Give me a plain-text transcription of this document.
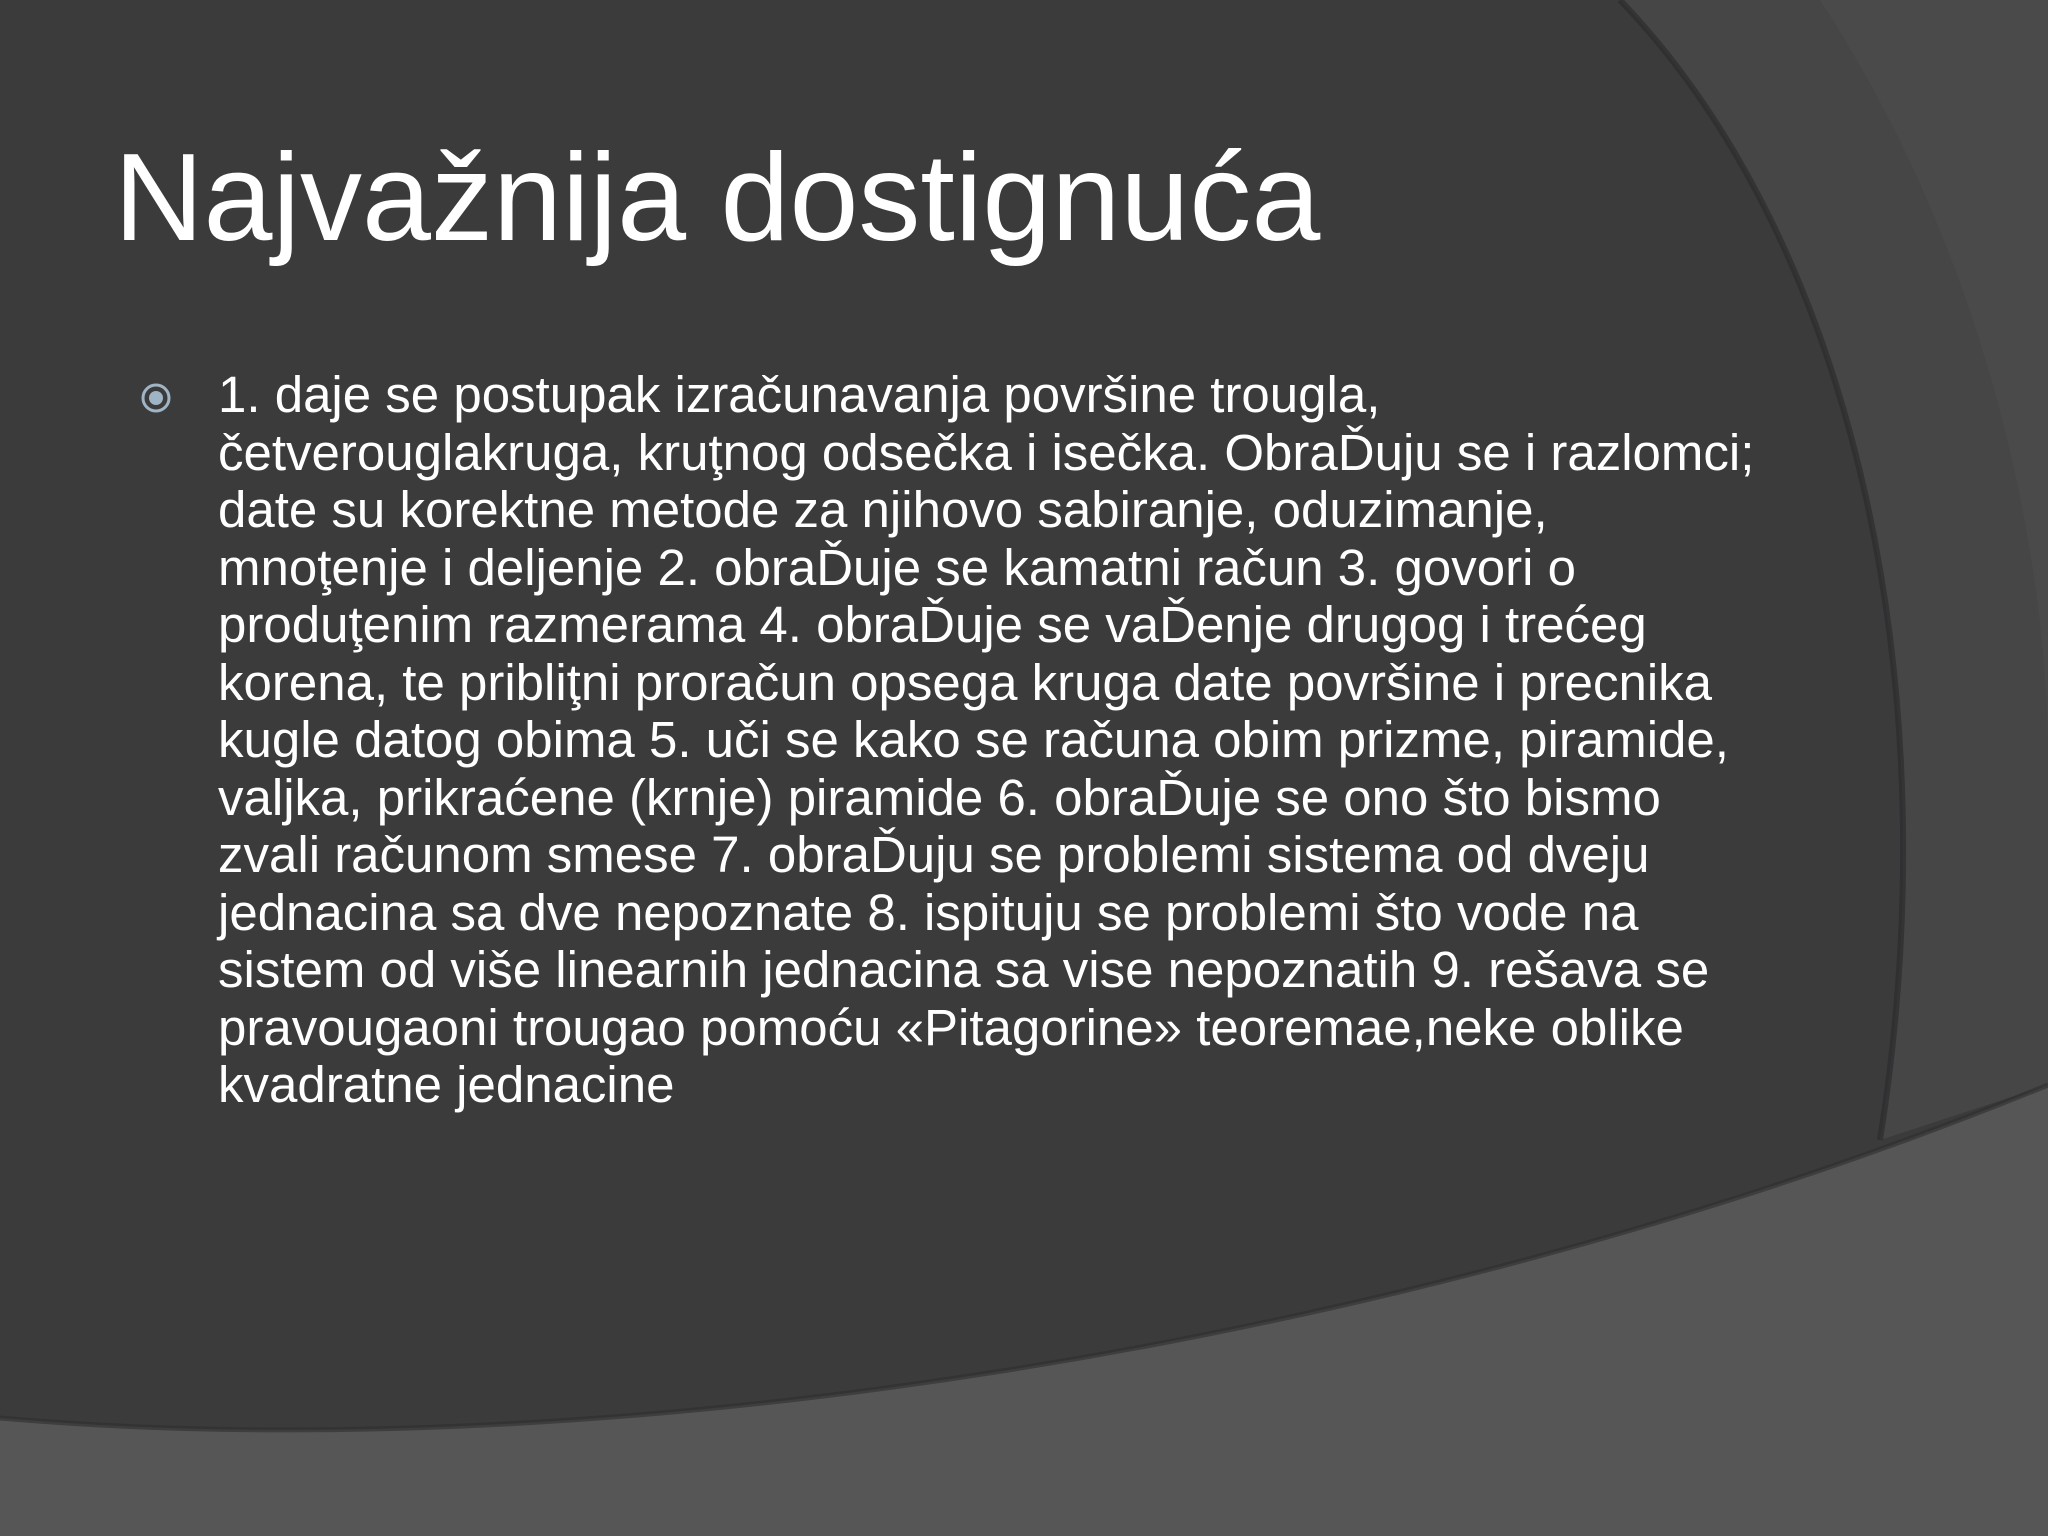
Najvažnija dostignuća
1. daje se postupak izračunavanja površine trougla, četverouglakruga, kruţnog odsečka i isečka. ObraĎuju se i razlomci; date su korektne metode za njihovo sabiranje, oduzimanje, mnoţenje i deljenje 2. obraĎuje se kamatni račun 3. govori o produţenim razmerama 4. obraĎuje se vaĎenje drugog i trećeg korena, te pribliţni proračun opsega kruga date površine i precnika kugle datog obima 5. uči se kako se računa obim prizme, piramide, valjka, prikraćene (krnje) piramide 6. obraĎuje se ono što bismo zvali računom smese 7. obraĎuju se problemi sistema od dveju jednacina sa dve nepoznate 8. ispituju se problemi što vode na sistem od više linearnih jednacina sa vise nepoznatih 9. rešava se pravougaoni trougao pomoću «Pitagorine» teoremae,neke oblike kvadratne jednacine
